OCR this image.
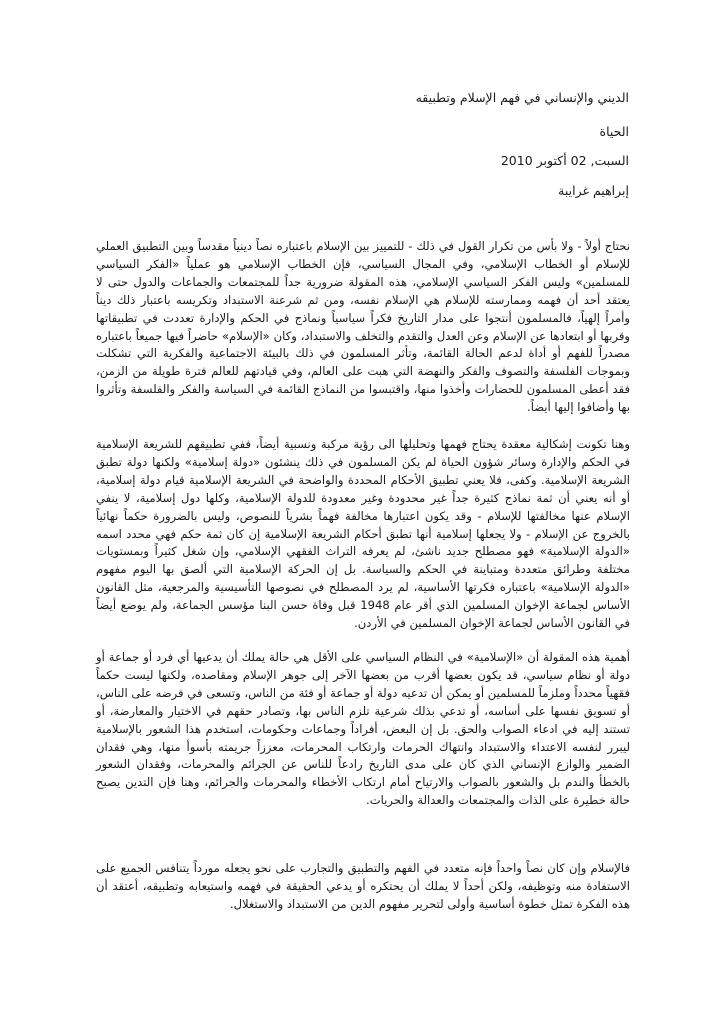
الديني والإنساني في فهم الإسلام وتطبيقه
الحياة
السبت, 02 أكتوبر 2010
إبراهيم غرايبة

نحتاج أولاً - ولا بأس من تكرار القول في ذلك - للتمييز بين الإسلام باعتباره نصاً دينياً مقدساً وبين التطبيق العملي للإسلام أو الخطاب الإسلامي، وفي المجال السياسي، فإن الخطاب الإسلامي هو عملياً «الفكر السياسي للمسلمين» وليس الفكر السياسي الإسلامي، هذه المقولة ضرورية جداً للمجتمعات والجماعات والدول حتى لا يعتقد أحد أن فهمه وممارسته للإسلام هي الإسلام نفسه، ومن ثم شرعنة الاستبداد وتكريسه باعتبار ذلك ديناً وأمراً إلهياً، فالمسلمون أنتجوا على مدار التاريخ فكراً سياسياً ونماذج في الحكم والإدارة تعددت في تطبيقاتها وقربها أو ابتعادها عن الإسلام وعن العدل والتقدم والتخلف والاستبداد، وكان «الإسلام» حاضراً فيها جميعاً باعتباره مصدراً للفهم أو أداة لدعم الحالة القائمة، وتأثر المسلمون في ذلك بالبيئة الاجتماعية والفكرية التي تشكلت وبموجات الفلسفة والتصوف والفكر والنهضة التي هبت على العالم، وفي قيادتهم للعالم فترة طويلة من الزمن، فقد أعطى المسلمون للحضارات وأخذوا منها، واقتبسوا من النماذج القائمة في السياسة والفكر والفلسفة وتأثروا بها وأضافوا إليها أيضاً.

وهنا تكونت إشكالية معقدة يحتاج فهمها وتحليلها الى رؤية مركبة ونسبية أيضاً، ففي تطبيقهم للشريعة الإسلامية في الحكم والإدارة وسائر شؤون الحياة لم يكن المسلمون في ذلك ينشئون «دولة إسلامية» ولكنها دولة تطبق الشريعة الإسلامية. وكفى، فلا يعني تطبيق الأحكام المحددة والواضحة في الشريعة الإسلامية قيام دولة إسلامية، أو أنه يعني أن ثمة نماذج كثيرة جداً غير محدودة وغير معدودة للدولة الإسلامية، وكلها دول إسلامية، لا ينفي الإسلام عنها مخالفتها للإسلام - وقد يكون اعتبارها مخالفة فهماً بشرياً للنصوص، وليس بالضرورة حكماً نهائياً بالخروج عن الإسلام - ولا يجعلها إسلامية أنها تطبق أحكام الشريعة الإسلامية إن كان ثمة حكم فهي محدد اسمه «الدولة الإسلامية» فهو مصطلح جديد ناشئ، لم يعرفه التراث الفقهي الإسلامي، وإن شغل كثيراً وبمستويات مختلفة وطرائق متعددة ومتباينة في الحكم والسياسة. بل إن الحركة الإسلامية التي ألصق بها اليوم مفهوم «الدولة الإسلامية» باعتباره فكرتها الأساسية، لم يرد المصطلح في نصوصها التأسيسية والمرجعية، مثل القانون الأساس لجماعة الإخوان المسلمين الذي أقر عام 1948 قبل وفاة حسن البنا مؤسس الجماعة، ولم يوضع أيضاً في القانون الأساس لجماعة الإخوان المسلمين في الأردن.

أهمية هذه المقولة أن «الإسلامية» في النظام السياسي على الأقل هي حالة يملك أن يدعيها أي فرد أو جماعة أو دولة أو نظام سياسي، قد يكون بعضها أقرب من بعضها الآخر إلى جوهر الإسلام ومقاصده، ولكنها ليست حكماً فقهياً محدداً وملزماً للمسلمين أو يمكن أن تدعيه دولة أو جماعة أو فئة من الناس، وتسعى في فرضه على الناس، أو تسويق نفسها على أساسه، أو تدعي بذلك شرعية تلزم الناس بها، وتصادر حقهم في الاختيار والمعارضة، أو تستند إليه في ادعاء الصواب والحق. بل إن البعض، أفراداً وجماعات وحكومات، استخدم هذا الشعور بالإسلامية ليبرر لنفسه الاعتداء والاستبداد وانتهاك الحرمات وارتكاب المحرمات، معززاً جريمته بأسوأ منها، وهي فقدان الضمير والوازع الإنساني الذي كان على مدى التاريخ رادعاً للناس عن الجرائم والمحرمات، وفقدان الشعور بالخطأ والندم بل والشعور بالصواب والارتياح أمام ارتكاب الأخطاء والمحرمات والجرائم، وهنا فإن التدين يصبح حالة خطيرة على الذات والمجتمعات والعدالة والحريات.

فالإسلام وإن كان نصاً واحداً فإنه متعدد في الفهم والتطبيق والتجارب على نحو يجعله مورداً يتنافس الجميع على الاستفادة منه وتوظيفه، ولكن أحداً لا يملك أن يحتكره أو يدعي الحقيقة في فهمه واستيعابه وتطبيقه، أعتقد أن هذه الفكرة تمثل خطوة أساسية وأولى لتحرير مفهوم الدين من الاستبداد والاستغلال.
